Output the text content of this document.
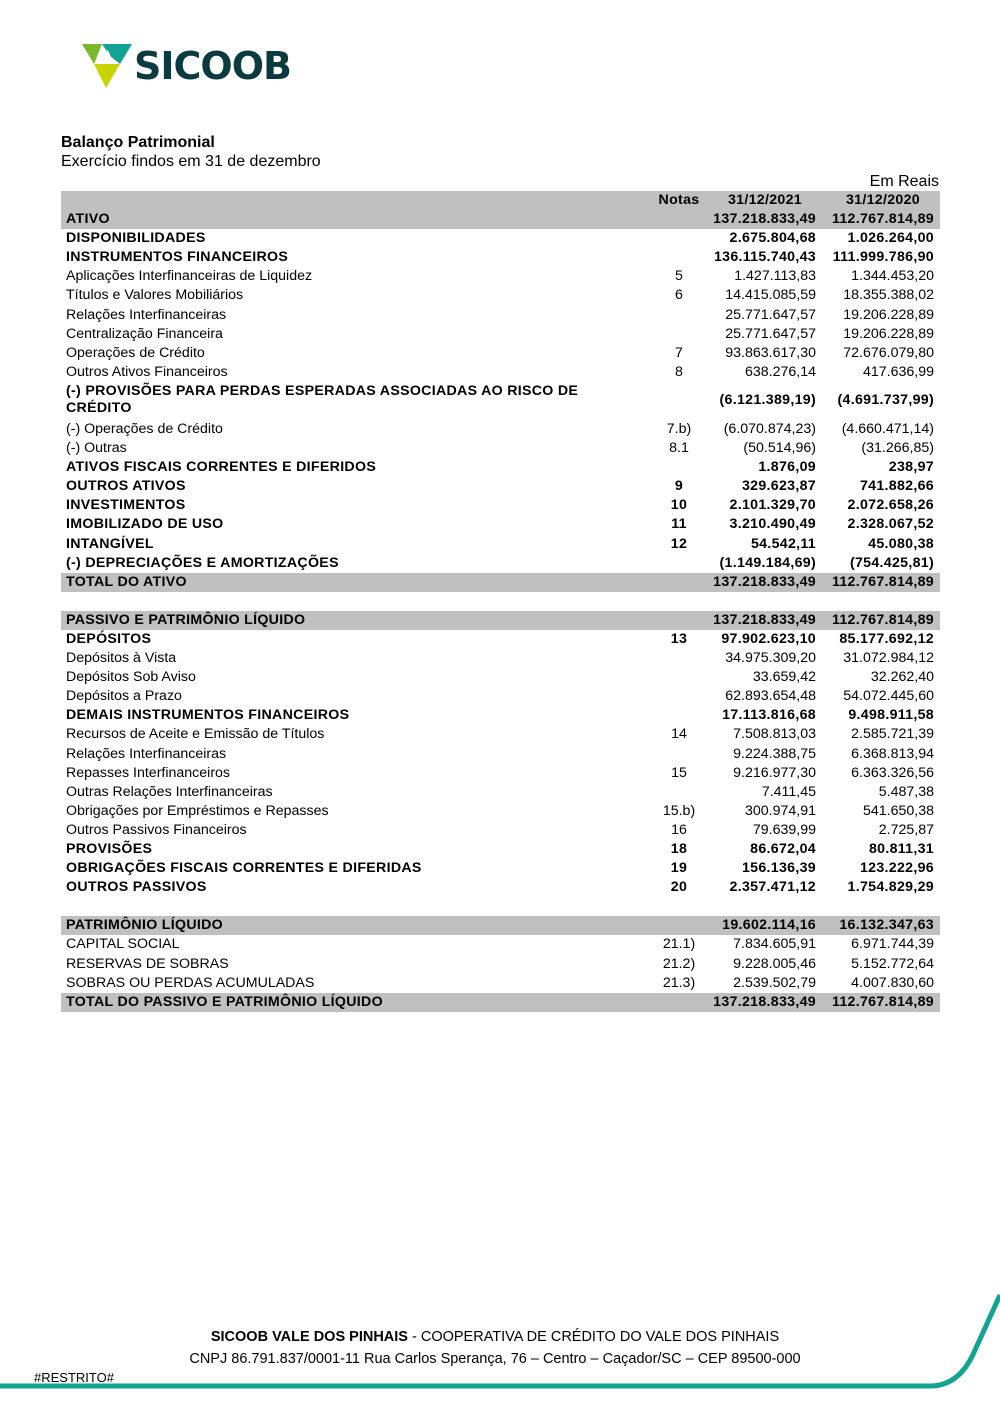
SICOOB
Balanço Patrimonial
Exercício findos em 31 de dezembro
Em Reais
Notas	31/12/2021	31/12/2020
ATIVO	137.218.833,49 112.767.814,89
DISPONIBILIDADES	2.675.804,68 1.026.264,00
INSTRUMENTOS FINANCEIROS	136.115.740,43 111.999.786,90
Aplicações Interfinanceiras de Liquidez	5	1.427.113,83 1.344.453,20
Títulos e Valores Mobiliários	6	14.415.085,59 18.355.388,02
Relações Interfinanceiras	25.771.647,57 19.206.228,89
Centralização Financeira	25.771.647,57 19.206.228,89
Operações de Crédito	7	93.863.617,30 72.676.079,80
Outros Ativos Financeiros	8	638.276,14	417.636,99
(-) PROVISÕES PARA PERDAS ESPERADAS ASSOCIADAS AO RISCO DE CRÉDITO	(6.121.389,19) (4.691.737,99)
(-) Operações de Crédito	7.b)	(6.070.874,23) (4.660.471,14)
(-) Outras	8.1	(50.514,96)	(31.266,85)
ATIVOS FISCAIS CORRENTES E DIFERIDOS	1.876,09	238,97
OUTROS ATIVOS	9	329.623,87	741.882,66
INVESTIMENTOS	10	2.101.329,70 2.072.658,26
IMOBILIZADO DE USO	11	3.210.490,49 2.328.067,52
INTANGÍVEL	12	54.542,11	45.080,38
(-) DEPRECIAÇÕES E AMORTIZAÇÕES	(1.149.184,69) (754.425,81)
TOTAL DO ATIVO	137.218.833,49 112.767.814,89
PASSIVO E PATRIMÔNIO LÍQUIDO	137.218.833,49 112.767.814,89
DEPÓSITOS	13	97.902.623,10 85.177.692,12
Depósitos à Vista	34.975.309,20 31.072.984,12
Depósitos Sob Aviso	33.659,42	32.262,40
Depósitos a Prazo	62.893.654,48 54.072.445,60
DEMAIS INSTRUMENTOS FINANCEIROS	17.113.816,68 9.498.911,58
Recursos de Aceite e Emissão de Títulos	14	7.508.813,03 2.585.721,39
Relações Interfinanceiras	9.224.388,75 6.368.813,94
Repasses Interfinanceiros	15	9.216.977,30 6.363.326,56
Outras Relações Interfinanceiras	7.411,45	5.487,38
Obrigações por Empréstimos e Repasses	15.b)	300.974,91	541.650,38
Outros Passivos Financeiros	16	79.639,99	2.725,87
PROVISÕES	18	86.672,04	80.811,31
OBRIGAÇÕES FISCAIS CORRENTES E DIFERIDAS	19	156.136,39	123.222,96
OUTROS PASSIVOS	20	2.357.471,12 1.754.829,29
PATRIMÔNIO LÍQUIDO	19.602.114,16 16.132.347,63
CAPITAL SOCIAL	21.1)	7.834.605,91 6.971.744,39
RESERVAS DE SOBRAS	21.2)	9.228.005,46 5.152.772,64
SOBRAS OU PERDAS ACUMULADAS	21.3)	2.539.502,79 4.007.830,60
TOTAL DO PASSIVO E PATRIMÔNIO LÍQUIDO	137.218.833,49 112.767.814,89
SICOOB VALE DOS PINHAIS - COOPERATIVA DE CRÉDITO DO VALE DOS PINHAIS
CNPJ 86.791.837/0001-11 Rua Carlos Sperança, 76 – Centro – Caçador/SC – CEP 89500-000
#RESTRITO#
